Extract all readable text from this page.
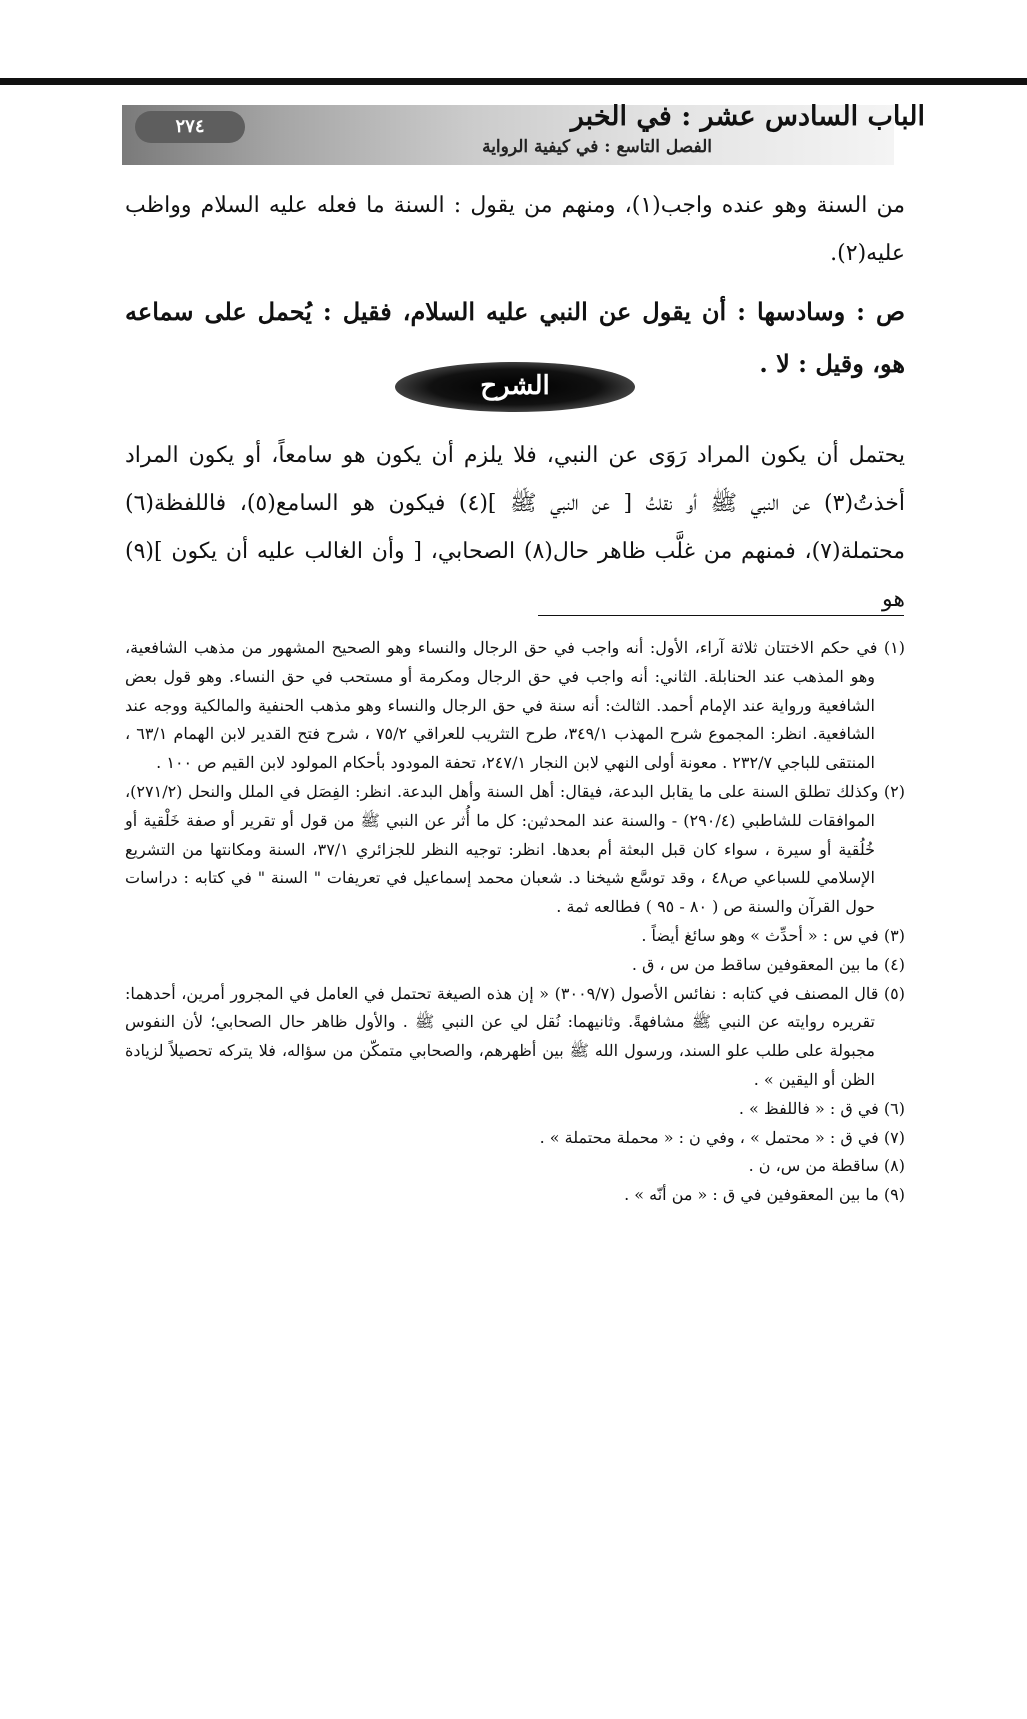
٢٧٤	الباب السادس عشر : في الخبر
الفصل التاسع : في كيفية الرواية
من السنة وهو عنده واجب(١)، ومنهم من يقول : السنة ما فعله عليه السلام وواظب عليه(٢).
ص : وسادسها : أن يقول عن النبي عليه السلام، فقيل : يُحمل على سماعه هو، وقيل : لا .
الشرح
يحتمل أن يكون المراد رَوَى عن النبي، فلا يلزم أن يكون هو سامعاً، أو يكون المراد أخذتُ(٣) عن النبي ﷺ أو نقلتُ [ عن النبي ﷺ ](٤) فيكون هو السامع(٥)، فاللفظة(٦) محتملة(٧)، فمنهم من غلَّب ظاهر حال(٨) الصحابي، [ وأن الغالب عليه أن يكون ](٩) هو

(١) في حكم الاختتان ثلاثة آراء، الأول: أنه واجب في حق الرجال والنساء وهو الصحيح المشهور من مذهب الشافعية، وهو المذهب عند الحنابلة. الثاني: أنه واجب في حق الرجال ومكرمة أو مستحب في حق النساء. وهو قول بعض الشافعية ورواية عند الإمام أحمد. الثالث: أنه سنة في حق الرجال والنساء وهو مذهب الحنفية والمالكية ووجه عند الشافعية. انظر: المجموع شرح المهذب ٣٤٩/١، طرح التثريب للعراقي ٧٥/٢ ، شرح فتح القدير لابن الهمام ٦٣/١ ، المنتقى للباجي ٢٣٢/٧ . معونة أولى النهي لابن النجار ٢٤٧/١، تحفة المودود بأحكام المولود لابن القيم ص ١٠٠ .

(٢) وكذلك تطلق السنة على ما يقابل البدعة، فيقال: أهل السنة وأهل البدعة. انظر: الفِصَل في الملل والنحل (٢٧١/٢)، الموافقات للشاطبي (٢٩٠/٤) - والسنة عند المحدثين: كل ما أُثر عن النبي ﷺ من قول أو تقرير أو صفة خَلْقية أو خُلُقية أو سيرة ، سواء كان قبل البعثة أم بعدها. انظر: توجيه النظر للجزائري ٣٧/١، السنة ومكانتها من التشريع الإسلامي للسباعي ص٤٨ ، وقد توسَّع شيخنا د. شعبان محمد إسماعيل في تعريفات " السنة " في كتابه : دراسات حول القرآن والسنة ص ( ٨٠ - ٩٥ ) فطالعه ثمة .

(٣) في س : « أحدِّث » وهو سائغ أيضاً .

(٤) ما بين المعقوفين ساقط من س ، ق .

(٥) قال المصنف في كتابه : نفائس الأصول (٣٠٠٩/٧) « إن هذه الصيغة تحتمل في العامل في المجرور أمرين، أحدهما: تقريره روايته عن النبي ﷺ مشافهةً. وثانيهما: نُقل لي عن النبي ﷺ . والأول ظاهر حال الصحابي؛ لأن النفوس مجبولة على طلب علو السند، ورسول الله ﷺ بين أظهرهم، والصحابي متمكّن من سؤاله، فلا يتركه تحصيلاً لزيادة الظن أو اليقين » .

(٦) في ق : « فاللفظ » .

(٧) في ق : « محتمل » ، وفي ن : « محملة محتملة » .

(٨) ساقطة من س، ن .

(٩) ما بين المعقوفين في ق : « من أنّه » .
